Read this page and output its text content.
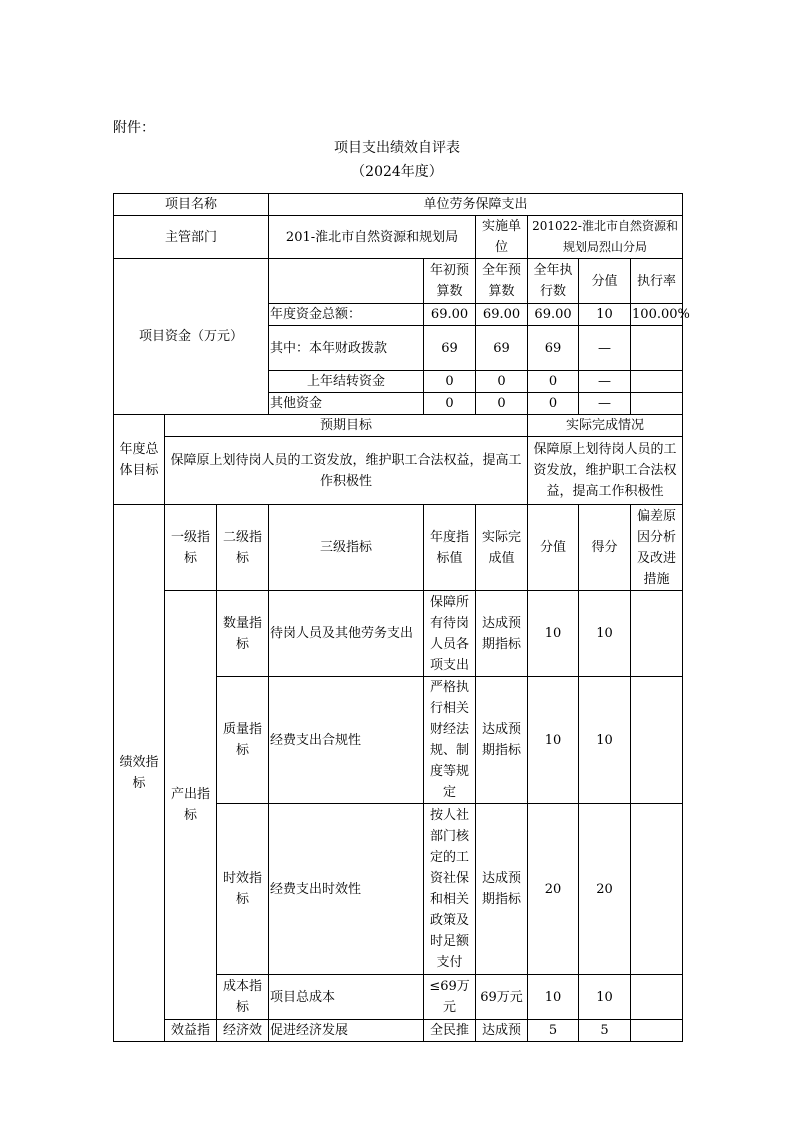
附件：
项目支出绩效自评表
（2024年度）
项目名称			单位劳务保障支出						
主管部门			201-淮北市自然资源和规划局		实施单位	201022-淮北市自然资源和规划局烈山分局			
项目资金（万元）				年初预算数	全年预算数	全年执行数	分值	执行率	
			年度资金总额：	69.00	69.00	69.00	10	100.00%	
			其中：本年财政拨款	69	69	69	—		
			上年结转资金	0	0	0	—		
			其他资金	0	0	0	—		
年度总体目标	预期目标					实际完成情况			
	保障原上划待岗人员的工资发放，维护职工合法权益，提高工作积极性					保障原上划待岗人员的工资发放，维护职工合法权益，提高工作积极性			
绩效指标	一级指标	二级指标	三级指标	年度指标值	实际完成值	分值	得分	偏差原因分析及改进措施	
	产出指标	数量指标	待岗人员及其他劳务支出	保障所有待岗人员各项支出	达成预期指标	10	10		
		质量指标	经费支出合规性	严格执行相关财经法规、制度等规定	达成预期指标	10	10		
		时效指标	经费支出时效性	按人社部门核定的工资社保和相关政策及时足额支付	达成预期指标	20	20		
		成本指标	项目总成本	≤69万元	69万元	10	10		
	效益指	经济效	促进经济发展	全民推	达成预	5	5		
